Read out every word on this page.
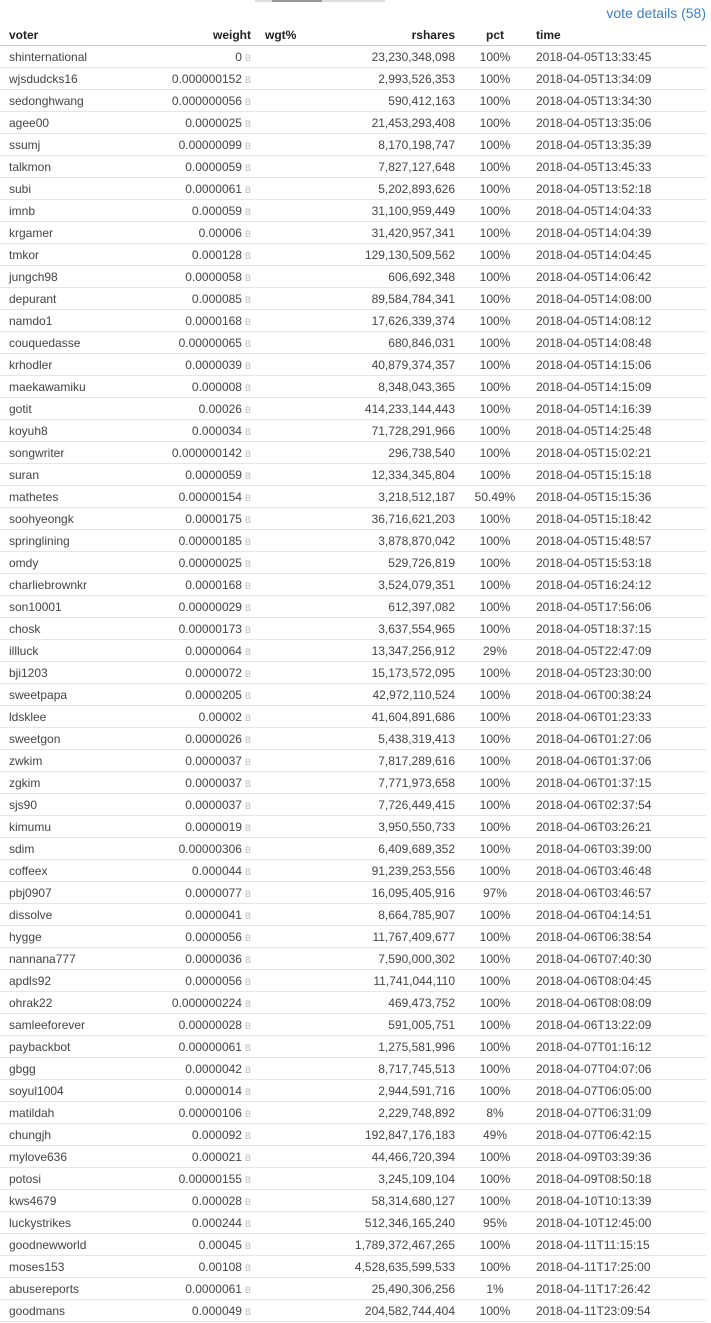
vote details (58)
voter	weight	wgt%	rshares	pct	time
shinternational	0 B		23,230,348,098	100%	2018-04-05T13:33:45
wjsdudcks16	0.000000152 B		2,993,526,353	100%	2018-04-05T13:34:09
sedonghwang	0.000000056 B		590,412,163	100%	2018-04-05T13:34:30
agee00	0.0000025 B		21,453,293,408	100%	2018-04-05T13:35:06
ssumj	0.00000099 B		8,170,198,747	100%	2018-04-05T13:35:39
talkmon	0.0000059 B		7,827,127,648	100%	2018-04-05T13:45:33
subi	0.0000061 B		5,202,893,626	100%	2018-04-05T13:52:18
imnb	0.000059 B		31,100,959,449	100%	2018-04-05T14:04:33
krgamer	0.00006 B		31,420,957,341	100%	2018-04-05T14:04:39
tmkor	0.000128 B		129,130,509,562	100%	2018-04-05T14:04:45
jungch98	0.0000058 B		606,692,348	100%	2018-04-05T14:06:42
depurant	0.000085 B		89,584,784,341	100%	2018-04-05T14:08:00
namdo1	0.0000168 B		17,626,339,374	100%	2018-04-05T14:08:12
couquedasse	0.00000065 B		680,846,031	100%	2018-04-05T14:08:48
krhodler	0.0000039 B		40,879,374,357	100%	2018-04-05T14:15:06
maekawamiku	0.000008 B		8,348,043,365	100%	2018-04-05T14:15:09
gotit	0.00026 B		414,233,144,443	100%	2018-04-05T14:16:39
koyuh8	0.000034 B		71,728,291,966	100%	2018-04-05T14:25:48
songwriter	0.000000142 B		296,738,540	100%	2018-04-05T15:02:21
suran	0.0000059 B		12,334,345,804	100%	2018-04-05T15:15:18
mathetes	0.00000154 B		3,218,512,187	50.49%	2018-04-05T15:15:36
soohyeongk	0.0000175 B		36,716,621,203	100%	2018-04-05T15:18:42
springlining	0.00000185 B		3,878,870,042	100%	2018-04-05T15:48:57
omdy	0.00000025 B		529,726,819	100%	2018-04-05T15:53:18
charliebrownkr	0.0000168 B		3,524,079,351	100%	2018-04-05T16:24:12
son10001	0.00000029 B		612,397,082	100%	2018-04-05T17:56:06
chosk	0.00000173 B		3,637,554,965	100%	2018-04-05T18:37:15
illluck	0.0000064 B		13,347,256,912	29%	2018-04-05T22:47:09
bji1203	0.0000072 B		15,173,572,095	100%	2018-04-05T23:30:00
sweetpapa	0.0000205 B		42,972,110,524	100%	2018-04-06T00:38:24
ldsklee	0.00002 B		41,604,891,686	100%	2018-04-06T01:23:33
sweetgon	0.0000026 B		5,438,319,413	100%	2018-04-06T01:27:06
zwkim	0.0000037 B		7,817,289,616	100%	2018-04-06T01:37:06
zgkim	0.0000037 B		7,771,973,658	100%	2018-04-06T01:37:15
sjs90	0.0000037 B		7,726,449,415	100%	2018-04-06T02:37:54
kimumu	0.0000019 B		3,950,550,733	100%	2018-04-06T03:26:21
sdim	0.00000306 B		6,409,689,352	100%	2018-04-06T03:39:00
coffeex	0.000044 B		91,239,253,556	100%	2018-04-06T03:46:48
pbj0907	0.0000077 B		16,095,405,916	97%	2018-04-06T03:46:57
dissolve	0.0000041 B		8,664,785,907	100%	2018-04-06T04:14:51
hygge	0.0000056 B		11,767,409,677	100%	2018-04-06T06:38:54
nannana777	0.0000036 B		7,590,000,302	100%	2018-04-06T07:40:30
apdls92	0.0000056 B		11,741,044,110	100%	2018-04-06T08:04:45
ohrak22	0.000000224 B		469,473,752	100%	2018-04-06T08:08:09
samleeforever	0.00000028 B		591,005,751	100%	2018-04-06T13:22:09
paybackbot	0.00000061 B		1,275,581,996	100%	2018-04-07T01:16:12
gbgg	0.0000042 B		8,717,745,513	100%	2018-04-07T04:07:06
soyul1004	0.0000014 B		2,944,591,716	100%	2018-04-07T06:05:00
matildah	0.00000106 B		2,229,748,892	8%	2018-04-07T06:31:09
chungjh	0.000092 B		192,847,176,183	49%	2018-04-07T06:42:15
mylove636	0.000021 B		44,466,720,394	100%	2018-04-09T03:39:36
potosi	0.00000155 B		3,245,109,104	100%	2018-04-09T08:50:18
kws4679	0.000028 B		58,314,680,127	100%	2018-04-10T10:13:39
luckystrikes	0.000244 B		512,346,165,240	95%	2018-04-10T12:45:00
goodnewworld	0.00045 B		1,789,372,467,265	100%	2018-04-11T11:15:15
moses153	0.00108 B		4,528,635,599,533	100%	2018-04-11T17:25:00
abusereports	0.0000061 B		25,490,306,256	1%	2018-04-11T17:26:42
goodmans	0.000049 B		204,582,744,404	100%	2018-04-11T23:09:54
